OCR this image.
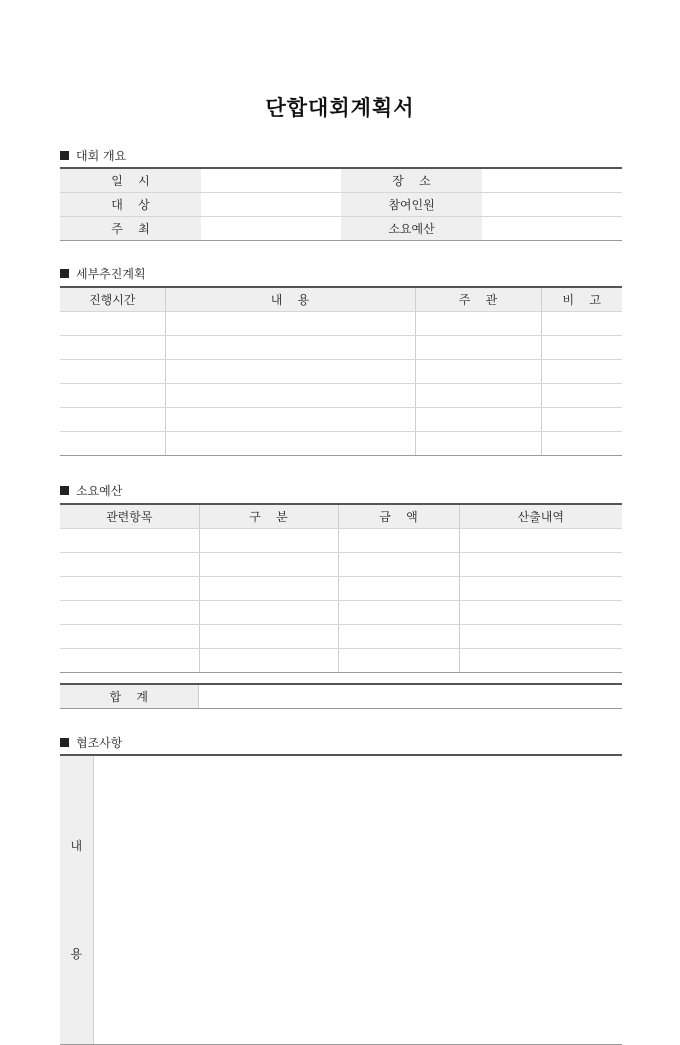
단합대회계획서
대회 개요
일    시		장    소	
대    상		참여인원	
주    최		소요예산	
세부추진계획
진행시간	내    용	주    관	비    고

소요예산
관련항목	구    분	금    액	산출내역

합    계	
협조사항

내

용
